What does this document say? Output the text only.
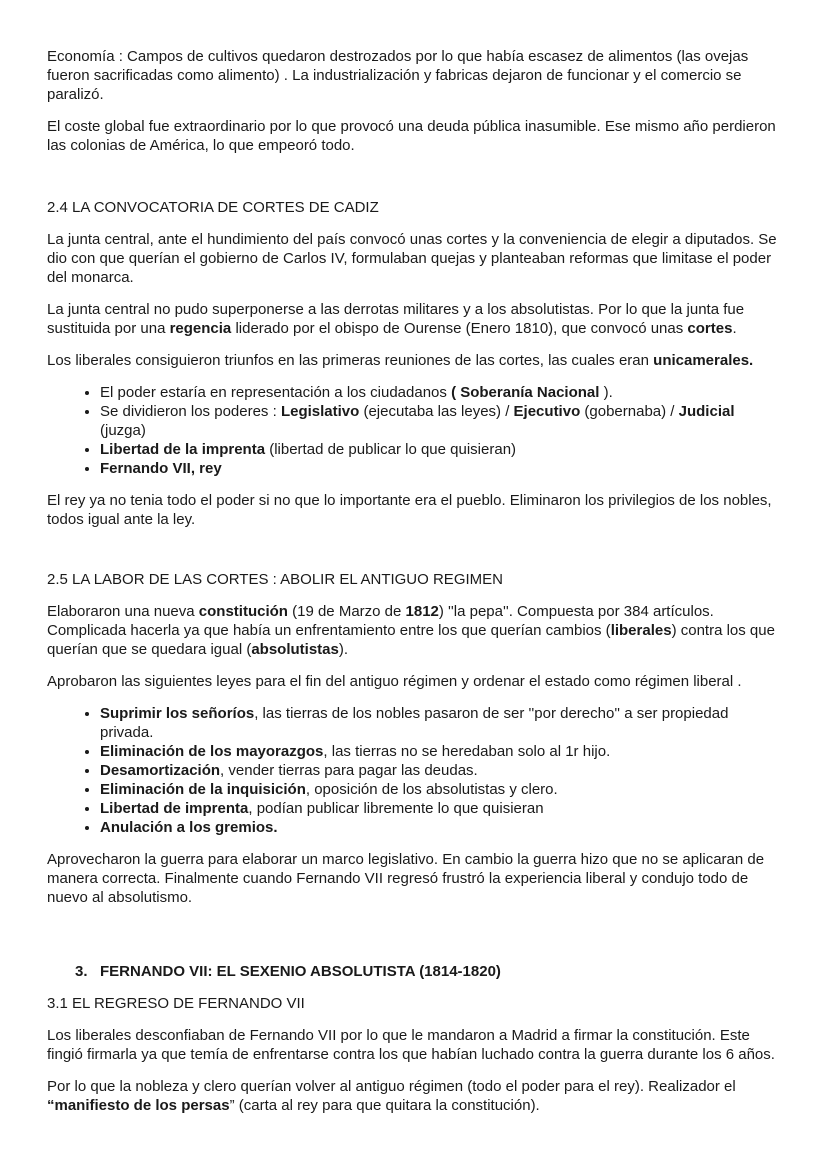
Economía : Campos de cultivos quedaron destrozados por lo que había escasez de alimentos (las ovejas fueron sacrificadas como alimento) . La industrialización y fabricas dejaron de funcionar y el comercio se paralizó.

El coste global fue extraordinario por lo que provocó una deuda pública inasumible. Ese mismo año perdieron las colonias de América, lo que empeoró todo.

2.4 LA CONVOCATORIA DE CORTES DE CADIZ

La junta central, ante el hundimiento del país convocó unas cortes y la conveniencia de elegir a diputados. Se dio con que querían el gobierno de Carlos IV, formulaban quejas y planteaban reformas que limitase el poder del monarca.

La junta central no pudo superponerse a las derrotas militares y a los absolutistas. Por lo que la junta fue sustituida por una regencia liderado por el obispo de Ourense (Enero 1810), que convocó unas cortes.

Los liberales consiguieron triunfos en las primeras reuniones de las cortes, las cuales eran unicamerales.

• El poder estaría en representación a los ciudadanos ( Soberanía Nacional ).
• Se dividieron los poderes : Legislativo (ejecutaba las leyes) / Ejecutivo (gobernaba) / Judicial (juzga)
• Libertad de la imprenta (libertad de publicar lo que quisieran)
• Fernando VII, rey

El rey ya no tenia todo el poder si no que lo importante era el pueblo. Eliminaron los privilegios de los nobles, todos igual ante la ley.

2.5 LA LABOR DE LAS CORTES : ABOLIR EL ANTIGUO REGIMEN

Elaboraron una nueva constitución (19 de Marzo de 1812) ''la pepa''. Compuesta por 384 artículos. Complicada hacerla ya que había un enfrentamiento entre los que querían cambios (liberales) contra los que querían que se quedara igual (absolutistas).

Aprobaron las siguientes leyes para el fin del antiguo régimen y ordenar el estado como régimen liberal .

• Suprimir los señoríos, las tierras de los nobles pasaron de ser ''por derecho'' a ser propiedad privada.
• Eliminación de los mayorazgos, las tierras no se heredaban solo al 1r hijo.
• Desamortización, vender tierras para pagar las deudas.
• Eliminación de la inquisición, oposición de los absolutistas y clero.
• Libertad de imprenta, podían publicar libremente lo que quisieran
• Anulación a los gremios.

Aprovecharon la guerra para elaborar un marco legislativo. En cambio la guerra hizo que no se aplicaran de manera correcta. Finalmente cuando Fernando VII regresó frustró la experiencia liberal y condujo todo de nuevo al absolutismo.

3. FERNANDO VII: EL SEXENIO ABSOLUTISTA (1814-1820)

3.1 EL REGRESO DE FERNANDO VII

Los liberales desconfiaban de Fernando VII por lo que le mandaron a Madrid a firmar la constitución. Este fingió firmarla ya que temía de enfrentarse contra los que habían luchado contra la guerra durante los 6 años.

Por lo que la nobleza y clero querían volver al antiguo régimen (todo el poder para el rey). Realizador el “manifiesto de los persas” (carta al rey para que quitara la constitución).
